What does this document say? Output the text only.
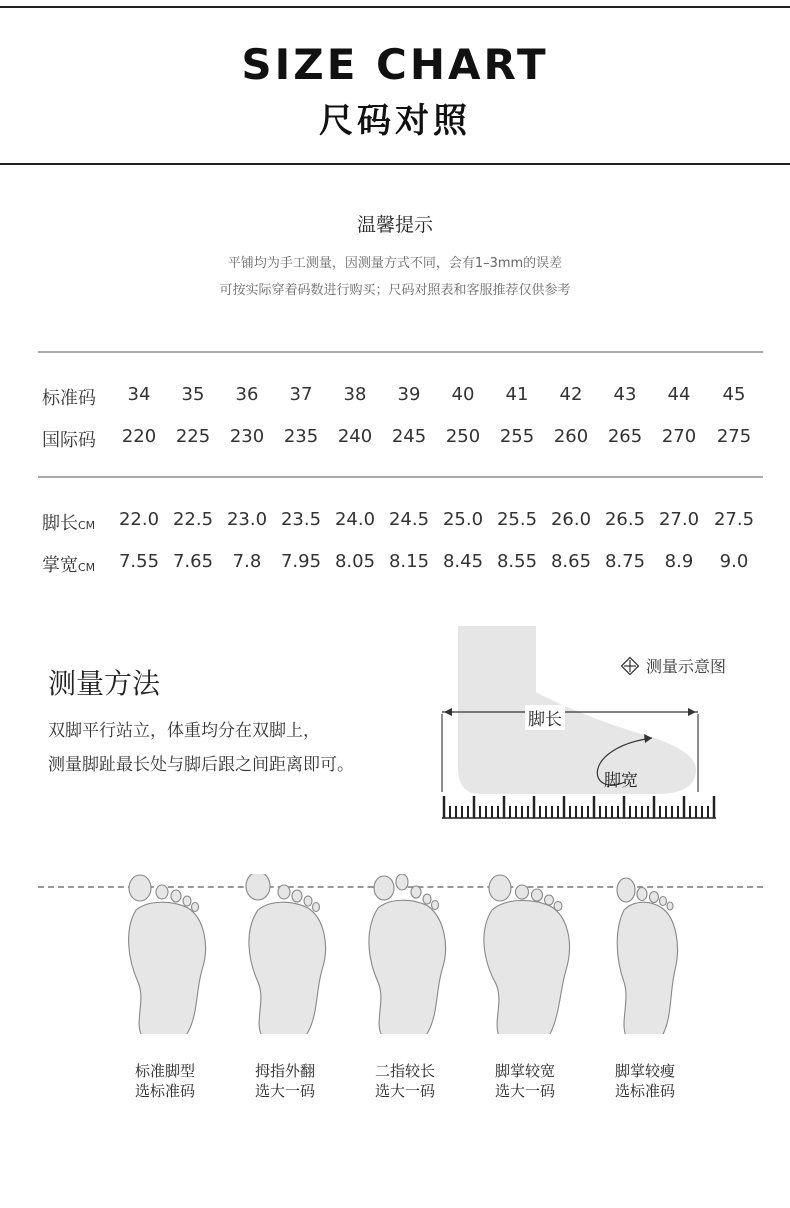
SIZE CHART
尺码对照
温馨提示
平铺均为手工测量，因测量方式不同，会有1–3mm的误差
可按实际穿着码数进行购买；尺码对照表和客服推荐仅供参考
标准码	34	35	36	37	38	39	40	41	42	43	44	45
国际码	220	225	230	235	240	245	250	255	260	265	270	275
脚长CM	22.0 22.5 23.0 23.5 24.0 24.5 25.0 25.5 26.0 26.5 27.0 27.5
掌宽CM	7.55 7.65	7.8	7.95 8.05 8.15 8.45 8.55 8.65 8.75	8.9	9.0
测量方法
双脚平行站立，体重均分在双脚上，
测量脚趾最长处与脚后跟之间距离即可。
测量示意图
脚长
脚宽
标准脚型
选标准码
拇指外翻
选大一码
二指较长
选大一码
脚掌较宽
选大一码
脚掌较瘦
选标准码
